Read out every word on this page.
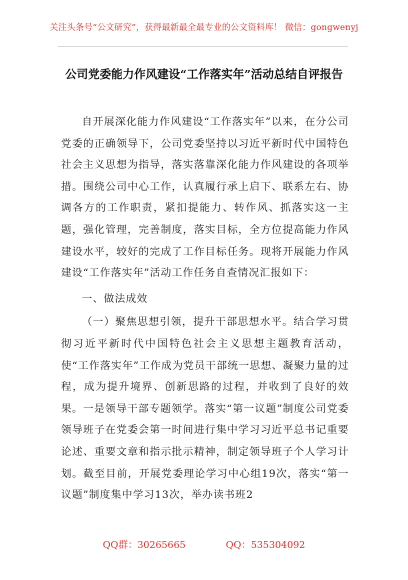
关注头条号“公文研究”，获得最新最全最专业的公文资料库！ 微信：gongwenyj
公司党委能力作风建设“工作落实年”活动总结自评报告

自开展深化能力作风建设“工作落实年”以来，在分公司党委的正确领导下，公司党委坚持以习近平新时代中国特色社会主义思想为指导，落实落靠深化能力作风建设的各项举措。围绕公司中心工作，认真履行承上启下、联系左右、协调各方的工作职责，紧扣提能力、转作风、抓落实这一主题，强化管理，完善制度，落实目标，全方位提高能力作风建设水平，较好的完成了工作目标任务。现将开展能力作风建设“工作落实年”活动工作任务自查情况汇报如下：

一、做法成效

（一）聚焦思想引领，提升干部思想水平。结合学习贯彻习近平新时代中国特色社会主义思想主题教育活动，使“工作落实年”工作成为党员干部统一思想、凝聚力量的过程，成为提升境界、创新思路的过程，并收到了良好的效果。一是领导干部专题领学。落实“第一议题”制度公司党委领导班子在党委会第一时间进行集中学习习近平总书记重要论述、重要文章和指示批示精神，制定领导班子个人学习计划。截至目前，开展党委理论学习中心组19次，落实“第一议题”制度集中学习13次，举办读书班2

QQ群：30265665	QQ：535304092
